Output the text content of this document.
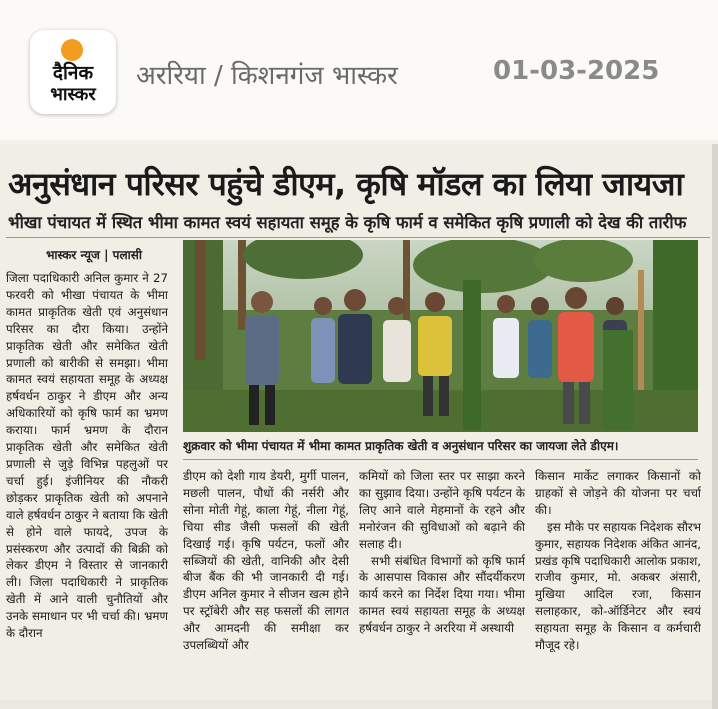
दैनिक
भास्कर
अररिया / किशनगंज भास्कर	01-03-2025
अनुसंधान परिसर पहुंचे डीएम, कृषि मॉडल का लिया जायजा
भीखा पंचायत में स्थित भीमा कामत स्वयं सहायता समूह के कृषि फार्म व समेकित कृषि प्रणाली को देख की तारीफ
भास्कर न्यूज | पलासी

जिला पदाधिकारी अनिल कुमार ने 27 फरवरी को भीखा पंचायत के भीमा कामत प्राकृतिक खेती एवं अनुसंधान परिसर का दौरा किया। उन्होंने प्राकृतिक खेती और समेकित खेती प्रणाली को बारीकी से समझा। भीमा कामत स्वयं सहायता समूह के अध्यक्ष हर्षवर्धन ठाकुर ने डीएम और अन्य अधिकारियों को कृषि फार्म का भ्रमण कराया। फार्म भ्रमण के दौरान प्राकृतिक खेती और समेकित खेती प्रणाली से जुड़े विभिन्न पहलुओं पर चर्चा हुई। इंजीनियर की नौकरी छोड़कर प्राकृतिक खेती को अपनाने वाले हर्षवर्धन ठाकुर ने बताया कि खेती से होने वाले फायदे, उपज के प्रसंस्करण और उत्पादों की बिक्री को लेकर डीएम ने विस्तार से जानकारी ली। जिला पदाधिकारी ने प्राकृतिक खेती में आने वाली चुनौतियों और उनके समाधान पर भी चर्चा की। भ्रमण के दौरान

शुक्रवार को भीमा पंचायत में भीमा कामत प्राकृतिक खेती व अनुसंधान परिसर का जायजा लेते डीएम।

डीएम को देशी गाय डेयरी, मुर्गी पालन, मछली पालन, पौधों की नर्सरी और सोना मोती गेहूं, काला गेहूं, नीला गेहूं, चिया सीड जैसी फसलों की खेती दिखाई गई। कृषि पर्यटन, फलों और सब्जियों की खेती, वानिकी और देसी बीज बैंक की भी जानकारी दी गई। डीएम अनिल कुमार ने सीजन खत्म होने पर स्ट्रॉबेरी और सह फसलों की लागत और आमदनी की समीक्षा कर उपलब्धियों और

कमियों को जिला स्तर पर साझा करने का सुझाव दिया। उन्होंने कृषि पर्यटन के लिए आने वाले मेहमानों के रहने और मनोरंजन की सुविधाओं को बढ़ाने की सलाह दी।

सभी संबंधित विभागों को कृषि फार्म के आसपास विकास और सौंदर्यीकरण कार्य करने का निर्देश दिया गया। भीमा कामत स्वयं सहायता समूह के अध्यक्ष हर्षवर्धन ठाकुर ने अररिया में अस्थायी

किसान मार्केट लगाकर किसानों को ग्राहकों से जोड़ने की योजना पर चर्चा की।

इस मौके पर सहायक निदेशक सौरभ कुमार, सहायक निदेशक अंकित आनंद, प्रखंड कृषि पदाधिकारी आलोक प्रकाश, राजीव कुमार, मो. अकबर अंसारी, मुखिया आदिल रजा, किसान सलाहकार, को-ऑर्डिनेटर और स्वयं सहायता समूह के किसान व कर्मचारी मौजूद रहे।
